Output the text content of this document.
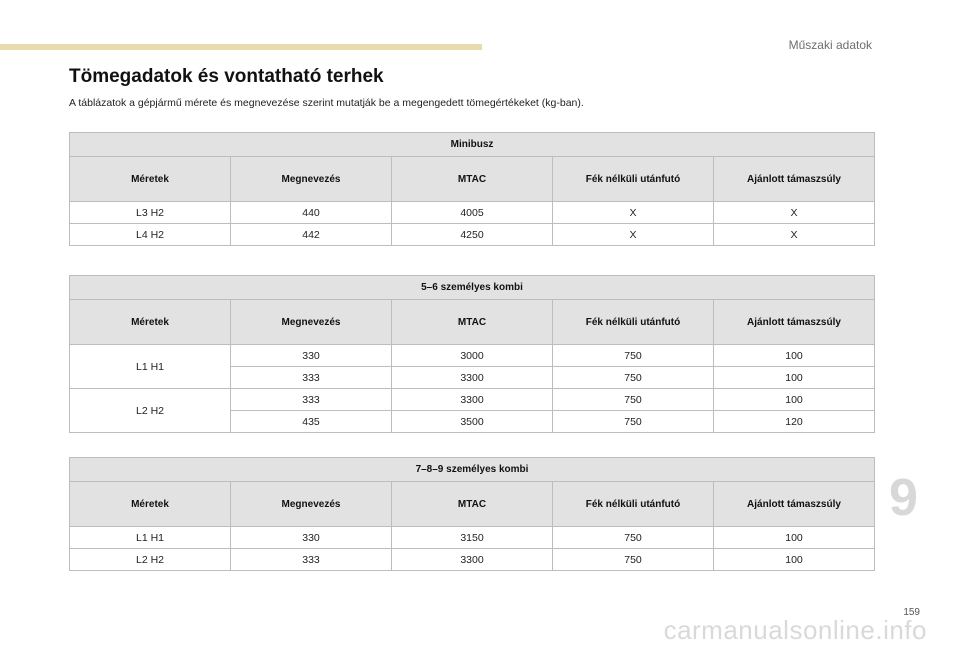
Műszaki adatok
Tömegadatok és vontatható terhek

A táblázatok a gépjármű mérete és megnevezése szerint mutatják be a megengedett tömegértékeket (kg-ban).

Minibusz				
Méretek	Megnevezés	MTAC	Fék nélküli utánfutó	Ajánlott támaszsúly
L3 H2	440	4005	X	X
L4 H2	442	4250	X	X
5–6 személyes kombi				
Méretek	Megnevezés	MTAC	Fék nélküli utánfutó	Ajánlott támaszsúly
L1 H1	330	3000	750	100
	333	3300	750	100
L2 H2	333	3300	750	100
	435	3500	750	120
7–8–9 személyes kombi				
Méretek	Megnevezés	MTAC	Fék nélküli utánfutó	Ajánlott támaszsúly
L1 H1	330	3150	750	100
L2 H2	333	3300	750	100
9
159
carmanualsonline.info
